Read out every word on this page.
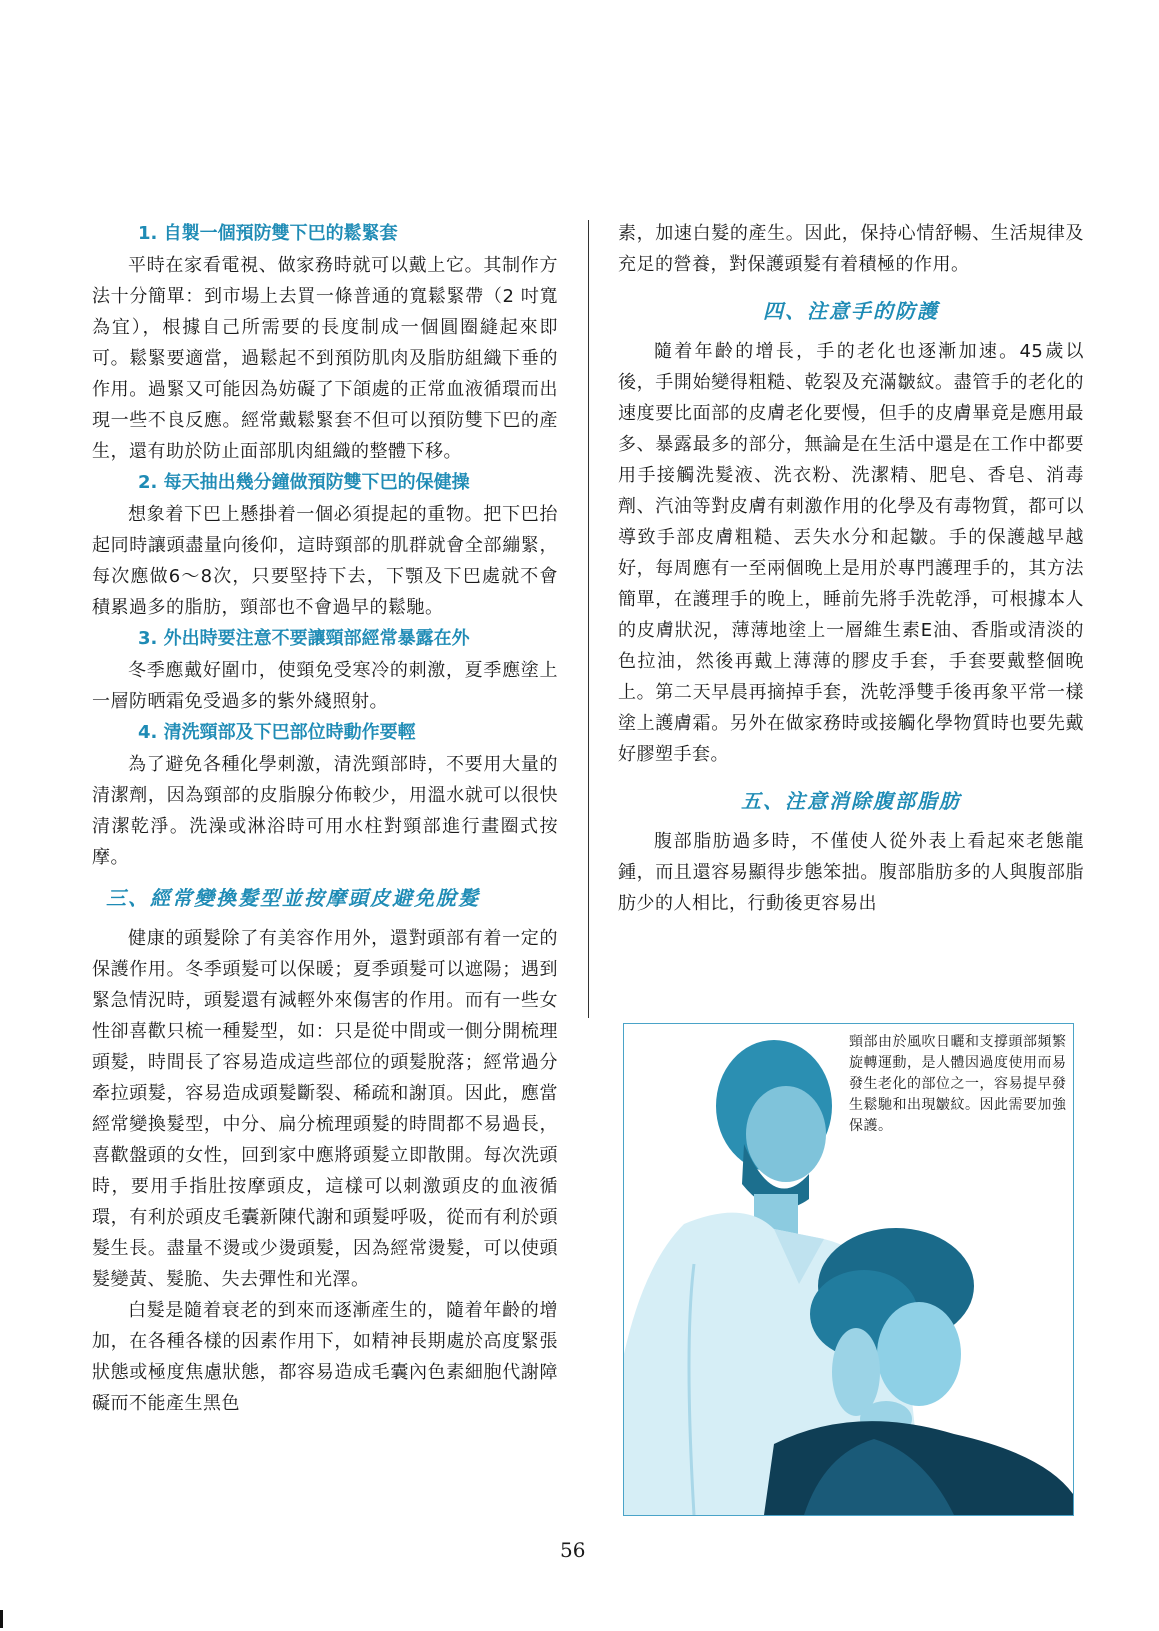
1. 自製一個預防雙下巴的鬆緊套

平時在家看電視、做家務時就可以戴上它。其制作方法十分簡單：到市場上去買一條普通的寬鬆緊帶（2 吋寬為宜），根據自己所需要的長度制成一個圓圈縫起來即可。鬆緊要適當，過鬆起不到預防肌肉及脂肪組織下垂的作用。過緊又可能因為妨礙了下頜處的正常血液循環而出現一些不良反應。經常戴鬆緊套不但可以預防雙下巴的產生，還有助於防止面部肌肉組織的整體下移。

2. 每天抽出幾分鐘做預防雙下巴的保健操

想象着下巴上懸掛着一個必須提起的重物。把下巴抬起同時讓頭盡量向後仰，這時頸部的肌群就會全部繃緊，每次應做6～8次，只要堅持下去，下顎及下巴處就不會積累過多的脂肪，頸部也不會過早的鬆馳。

3. 外出時要注意不要讓頸部經常暴露在外

冬季應戴好圍巾，使頸免受寒冷的刺激，夏季應塗上一層防晒霜免受過多的紫外綫照射。

4. 清洗頸部及下巴部位時動作要輕

為了避免各種化學刺激，清洗頸部時，不要用大量的清潔劑，因為頸部的皮脂腺分佈較少，用溫水就可以很快清潔乾淨。洗澡或淋浴時可用水柱對頸部進行畫圈式按摩。

三、經常變換髮型並按摩頭皮避免脫髮

健康的頭髮除了有美容作用外，還對頭部有着一定的保護作用。冬季頭髮可以保暖；夏季頭髮可以遮陽；遇到緊急情況時，頭髮還有減輕外來傷害的作用。而有一些女性卻喜歡只梳一種髮型，如：只是從中間或一側分開梳理頭髮，時間長了容易造成這些部位的頭髮脫落；經常過分牽拉頭髮，容易造成頭髮斷裂、稀疏和謝頂。因此，應當經常變換髮型，中分、扁分梳理頭髮的時間都不易過長，喜歡盤頭的女性，回到家中應將頭髮立即散開。每次洗頭時，要用手指肚按摩頭皮，這樣可以刺激頭皮的血液循環，有利於頭皮毛囊新陳代謝和頭髮呼吸，從而有利於頭髮生長。盡量不燙或少燙頭髮，因為經常燙髮，可以使頭髮變黃、髮脆、失去彈性和光澤。

白髮是隨着衰老的到來而逐漸產生的，隨着年齡的增加，在各種各樣的因素作用下，如精神長期處於高度緊張狀態或極度焦慮狀態，都容易造成毛囊內色素細胞代謝障礙而不能產生黑色

素，加速白髮的產生。因此，保持心情舒暢、生活規律及充足的營養，對保護頭髮有着積極的作用。

四、注意手的防護

隨着年齡的增長，手的老化也逐漸加速。45歲以後，手開始變得粗糙、乾裂及充滿皺紋。盡管手的老化的速度要比面部的皮膚老化要慢，但手的皮膚畢竟是應用最多、暴露最多的部分，無論是在生活中還是在工作中都要用手接觸洗髮液、洗衣粉、洗潔精、肥皂、香皂、消毒劑、汽油等對皮膚有刺激作用的化學及有毒物質，都可以導致手部皮膚粗糙、丟失水分和起皺。手的保護越早越好，每周應有一至兩個晚上是用於專門護理手的，其方法簡單，在護理手的晚上，睡前先將手洗乾淨，可根據本人的皮膚狀況，薄薄地塗上一層維生素E油、香脂或清淡的色拉油，然後再戴上薄薄的膠皮手套，手套要戴整個晚上。第二天早晨再摘掉手套，洗乾淨雙手後再象平常一樣塗上護膚霜。另外在做家務時或接觸化學物質時也要先戴好膠塑手套。

五、注意消除腹部脂肪

腹部脂肪過多時，不僅使人從外表上看起來老態龍鍾，而且還容易顯得步態笨拙。腹部脂肪多的人與腹部脂肪少的人相比，行動後更容易出

頸部由於風吹日曬和支撐頭部頻繁旋轉運動，是人體因過度使用而易發生老化的部位之一，容易提早發生鬆馳和出現皺紋。因此需要加強保護。
56
